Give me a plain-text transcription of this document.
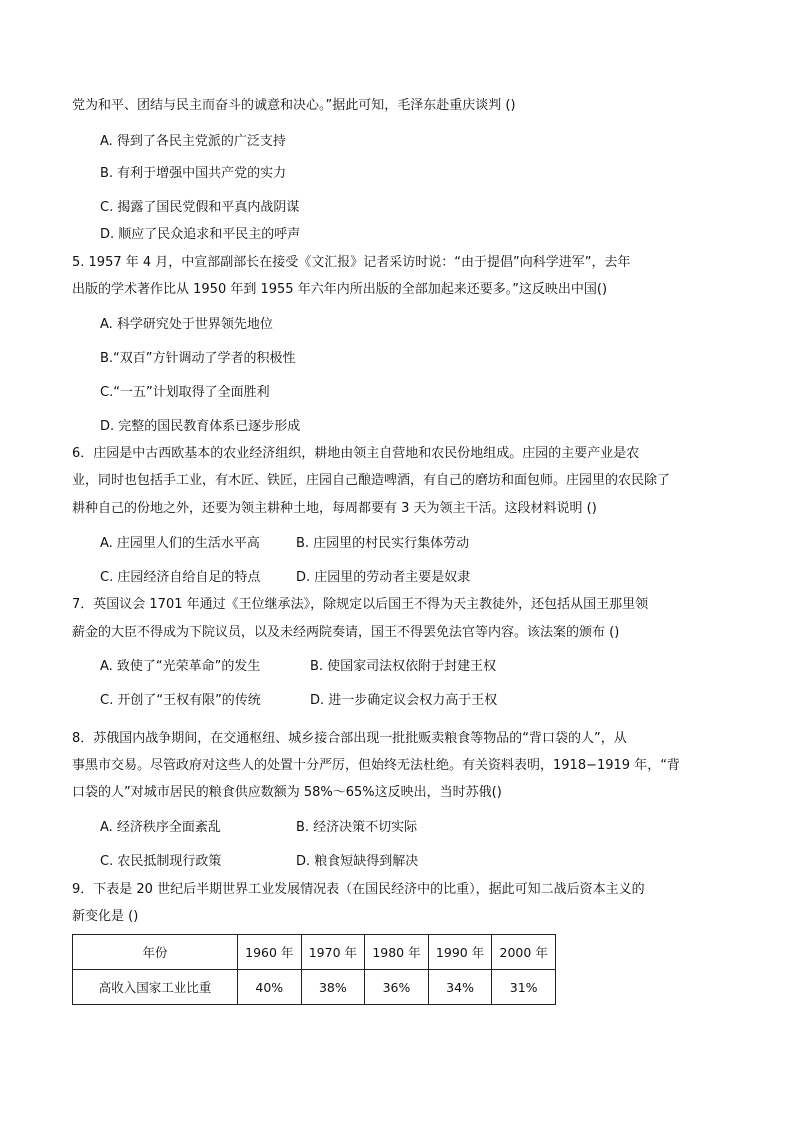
党为和平、团结与民主而奋斗的诚意和决心。”据此可知，毛泽东赴重庆谈判 ()
A. 得到了各民主党派的广泛支持
B. 有利于增强中国共产党的实力
C. 揭露了国民党假和平真内战阴谋
D. 顺应了民众追求和平民主的呼声
5. 1957 年 4 月，中宣部副部长在接受《文汇报》记者采访时说：“由于提倡”向科学进军”，去年
出版的学术著作比从 1950 年到 1955 年六年内所出版的全部加起来还要多。”这反映出中国()
A. 科学研究处于世界领先地位
B.“双百”方针调动了学者的积极性
C.“一五”计划取得了全面胜利
D. 完整的国民教育体系已逐步形成
6．庄园是中古西欧基本的农业经济组织，耕地由领主自营地和农民份地组成。庄园的主要产业是农
业，同时也包括手工业，有木匠、铁匠，庄园自己酿造啤酒，有自己的磨坊和面包师。庄园里的农民除了
耕种自己的份地之外，还要为领主耕种土地，每周都要有 3 天为领主干活。这段材料说明 ()
A. 庄园里人们的生活水平高	B. 庄园里的村民实行集体劳动
C. 庄园经济自给自足的特点	D. 庄园里的劳动者主要是奴隶
7．英国议会 1701 年通过《王位继承法》，除规定以后国王不得为天主教徒外，还包括从国王那里领
薪金的大臣不得成为下院议员，以及未经两院奏请，国王不得罢免法官等内容。该法案的颁布 ()
A. 致使了“光荣革命”的发生	B. 使国家司法权依附于封建王权
C. 开创了“王权有限”的传统	D. 进一步确定议会权力高于王权
8．苏俄国内战争期间，在交通枢纽、城乡接合部出现一批批贩卖粮食等物品的“背口袋的人”，从
事黑市交易。尽管政府对这些人的处置十分严厉，但始终无法杜绝。有关资料表明，1918−1919 年，“背
口袋的人”对城市居民的粮食供应数额为 58%～65%这反映出，当时苏俄()
A. 经济秩序全面紊乱	B. 经济决策不切实际
C. 农民抵制现行政策	D. 粮食短缺得到解决
9．下表是 20 世纪后半期世界工业发展情况表（在国民经济中的比重），据此可知二战后资本主义的
新变化是 ()
年份	1960 年	1970 年	1980 年	1990 年	2000 年
高收入国家工业比重	40%	38%	36%	34%	31%
